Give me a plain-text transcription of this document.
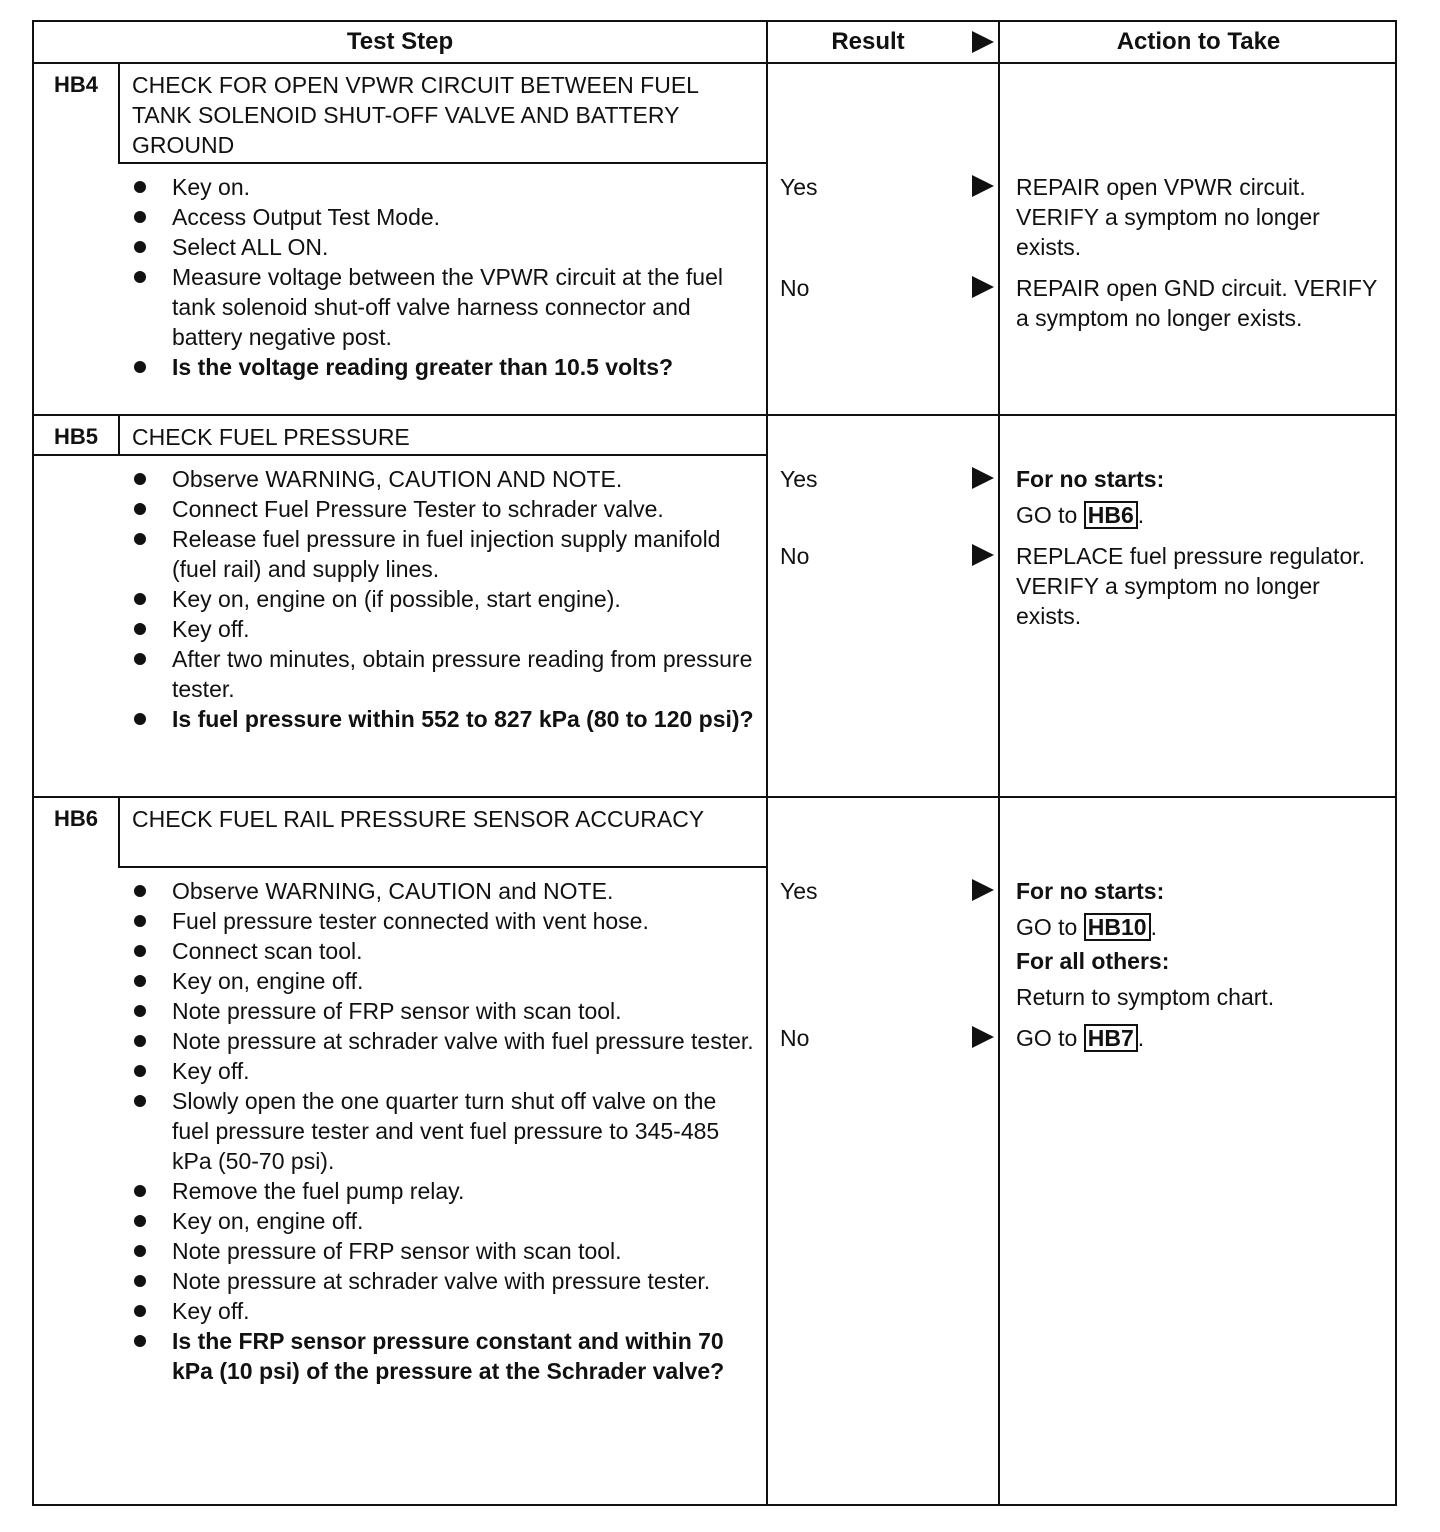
Test Step	Result	Action to Take
HB4	CHECK FOR OPEN VPWR CIRCUIT BETWEEN FUEL TANK SOLENOID SHUT-OFF VALVE AND BATTERY GROUND
Key on.
Access Output Test Mode.
Select ALL ON.
Measure voltage between the VPWR circuit at the fuel tank solenoid shut-off valve harness connector and battery negative post.
Is the voltage reading greater than 10.5 volts?
Yes	REPAIR open VPWR circuit. VERIFY a symptom no longer exists.
No	REPAIR open GND circuit. VERIFY a symptom no longer exists.
HB5	CHECK FUEL PRESSURE
Observe WARNING, CAUTION AND NOTE.
Connect Fuel Pressure Tester to schrader valve.
Release fuel pressure in fuel injection supply manifold (fuel rail) and supply lines.
Key on, engine on (if possible, start engine).
Key off.
After two minutes, obtain pressure reading from pressure tester.
Is fuel pressure within 552 to 827 kPa (80 to 120 psi)?
Yes	For no starts:
GO to HB6 .
No	REPLACE fuel pressure regulator. VERIFY a symptom no longer exists.
HB6	CHECK FUEL RAIL PRESSURE SENSOR ACCURACY
Observe WARNING, CAUTION and NOTE.
Fuel pressure tester connected with vent hose.
Connect scan tool.
Key on, engine off.
Note pressure of FRP sensor with scan tool.
Note pressure at schrader valve with fuel pressure tester.
Key off.
Slowly open the one quarter turn shut off valve on the fuel pressure tester and vent fuel pressure to 345-485 kPa (50-70 psi).
Remove the fuel pump relay.
Key on, engine off.
Note pressure of FRP sensor with scan tool.
Note pressure at schrader valve with pressure tester.
Key off.
Is the FRP sensor pressure constant and within 70 kPa (10 psi) of the pressure at the Schrader valve?
Yes	For no starts:
GO to HB10 .
For all others:
Return to symptom chart.
No	GO to HB7 .
